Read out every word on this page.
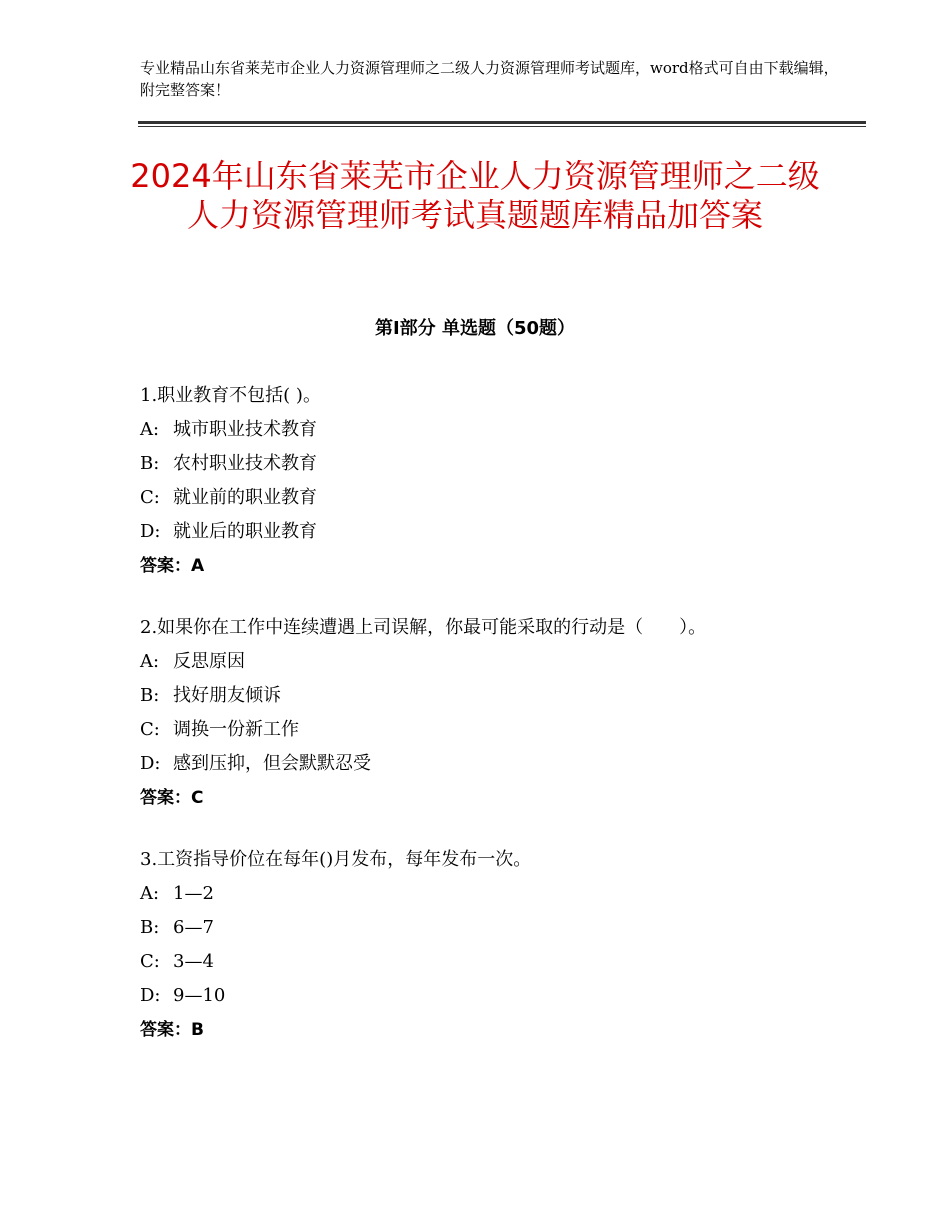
专业精品山东省莱芜市企业人力资源管理师之二级人力资源管理师考试题库，word格式可自由下载编辑，附完整答案！
2024年山东省莱芜市企业人力资源管理师之二级人力资源管理师考试真题题库精品加答案
第Ⅰ部分 单选题（50题）

1.职业教育不包括( )。

A: 城市职业技术教育

B: 农村职业技术教育

C: 就业前的职业教育

D: 就业后的职业教育

答案：A

2.如果你在工作中连续遭遇上司误解，你最可能采取的行动是（　　）。

A: 反思原因

B: 找好朋友倾诉

C: 调换一份新工作

D: 感到压抑，但会默默忍受

答案：C

3.工资指导价位在每年()月发布，每年发布一次。

A: 1—2

B: 6—7

C: 3—4

D: 9—10

答案：B
